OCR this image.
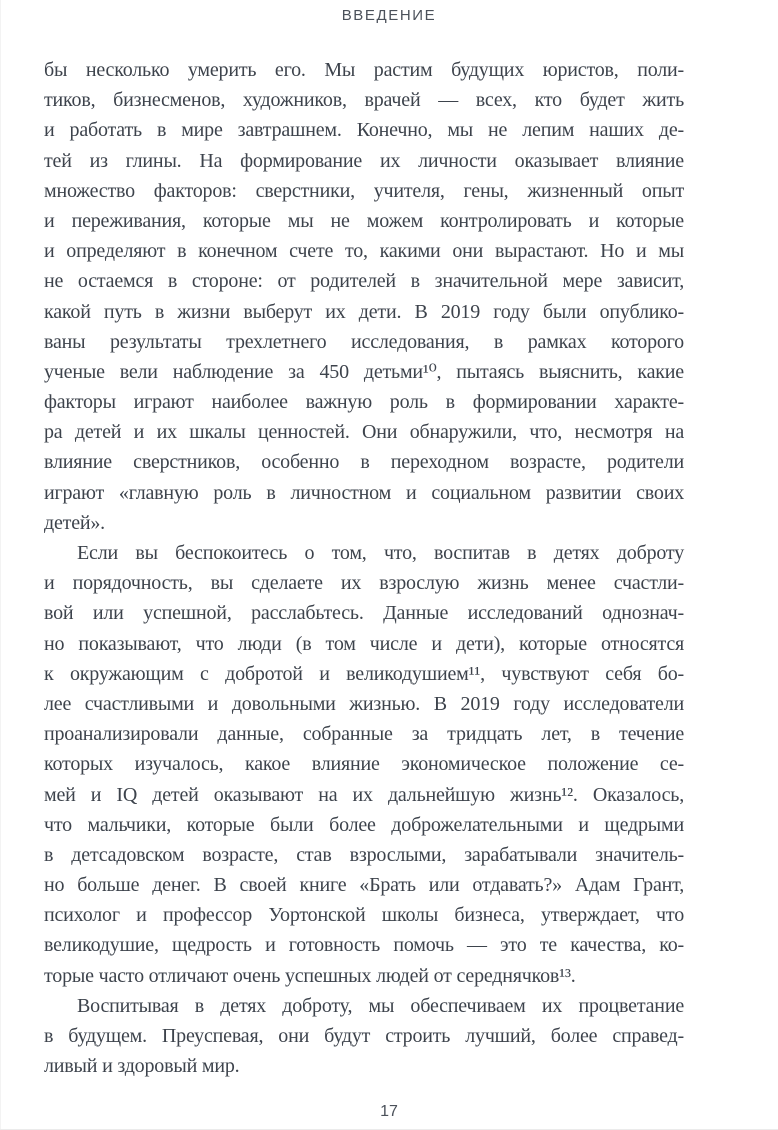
ВВЕДЕНИЕ
бы несколько умерить его. Мы растим будущих юристов, поли-
тиков, бизнесменов, художников, врачей — всех, кто будет жить
и работать в мире завтрашнем. Конечно, мы не лепим наших де-
тей из глины. На формирование их личности оказывает влияние
множество факторов: сверстники, учителя, гены, жизненный опыт
и переживания, которые мы не можем контролировать и которые
и определяют в конечном счете то, какими они вырастают. Но и мы
не остаемся в стороне: от родителей в значительной мере зависит,
какой путь в жизни выберут их дети. В 2019 году были опублико-
ваны результаты трехлетнего исследования, в рамках которого
ученые вели наблюдение за 450 детьми¹⁰, пытаясь выяснить, какие
факторы играют наиболее важную роль в формировании характе-
ра детей и их шкалы ценностей. Они обнаружили, что, несмотря на
влияние сверстников, особенно в переходном возрасте, родители
играют «главную роль в личностном и социальном развитии своих
детей».
Если вы беспокоитесь о том, что, воспитав в детях доброту
и порядочность, вы сделаете их взрослую жизнь менее счастли-
вой или успешной, расслабьтесь. Данные исследований однознач-
но показывают, что люди (в том числе и дети), которые относятся
к окружающим с добротой и великодушием¹¹, чувствуют себя бо-
лее счастливыми и довольными жизнью. В 2019 году исследователи
проанализировали данные, собранные за тридцать лет, в течение
которых изучалось, какое влияние экономическое положение се-
мей и IQ детей оказывают на их дальнейшую жизнь¹². Оказалось,
что мальчики, которые были более доброжелательными и щедрыми
в детсадовском возрасте, став взрослыми, зарабатывали значитель-
но больше денег. В своей книге «Брать или отдавать?» Адам Грант,
психолог и профессор Уортонской школы бизнеса, утверждает, что
великодушие, щедрость и готовность помочь — это те качества, ко-
торые часто отличают очень успешных людей от середнячков¹³.
Воспитывая в детях доброту, мы обеспечиваем их процветание
в будущем. Преуспевая, они будут строить лучший, более справед-
ливый и здоровый мир.
17
